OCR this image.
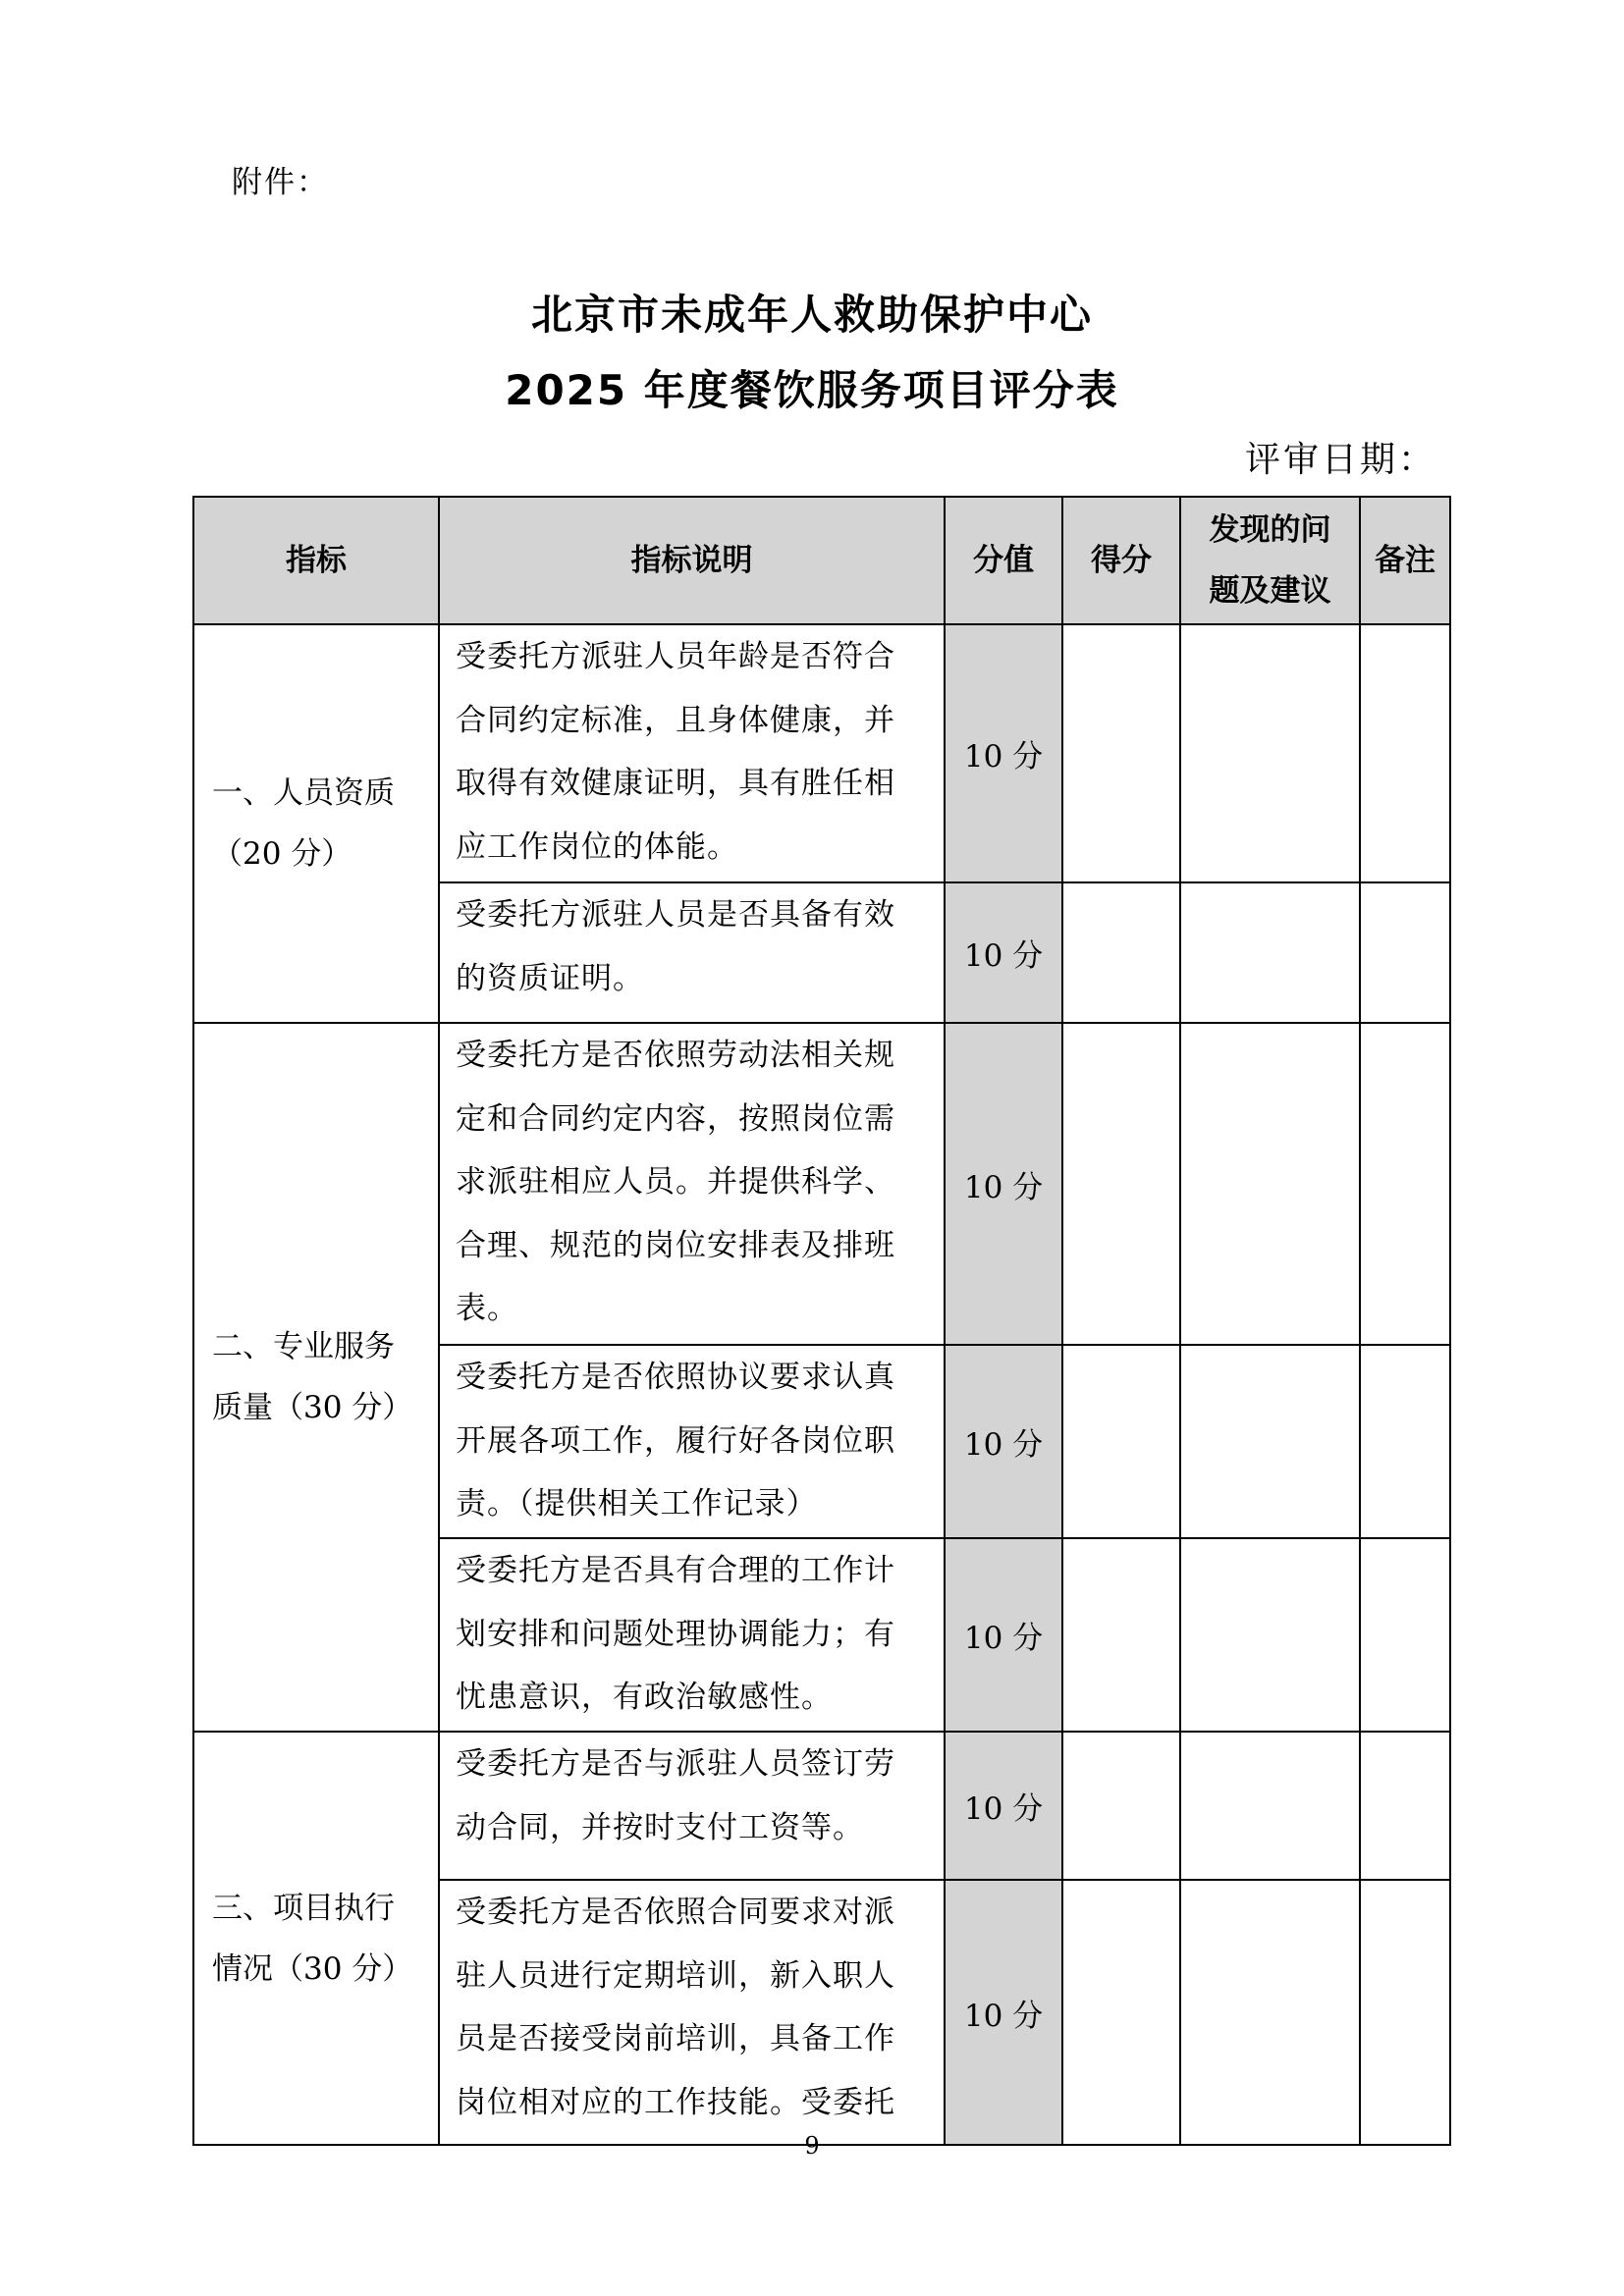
附件：
北京市未成年人救助保护中心
2025 年度餐饮服务项目评分表
评审日期：
指标	指标说明	分值	得分	发现的问题及建议	备注
一、人员资质（20 分）	受委托方派驻人员年龄是否符合合同约定标准，且身体健康，并取得有效健康证明，具有胜任相应工作岗位的体能。	10 分			
	受委托方派驻人员是否具备有效的资质证明。	10 分			
二、专业服务质量（30 分）	受委托方是否依照劳动法相关规定和合同约定内容，按照岗位需求派驻相应人员。并提供科学、合理、规范的岗位安排表及排班表。	10 分			
	受委托方是否依照协议要求认真开展各项工作，履行好各岗位职责。（提供相关工作记录）	10 分			
	受委托方是否具有合理的工作计划安排和问题处理协调能力；有忧患意识，有政治敏感性。	10 分			
三、项目执行情况（30 分）	受委托方是否与派驻人员签订劳动合同，并按时支付工资等。	10 分			
	受委托方是否依照合同要求对派驻人员进行定期培训，新入职人员是否接受岗前培训，具备工作岗位相对应的工作技能。受委托	10 分			
9
